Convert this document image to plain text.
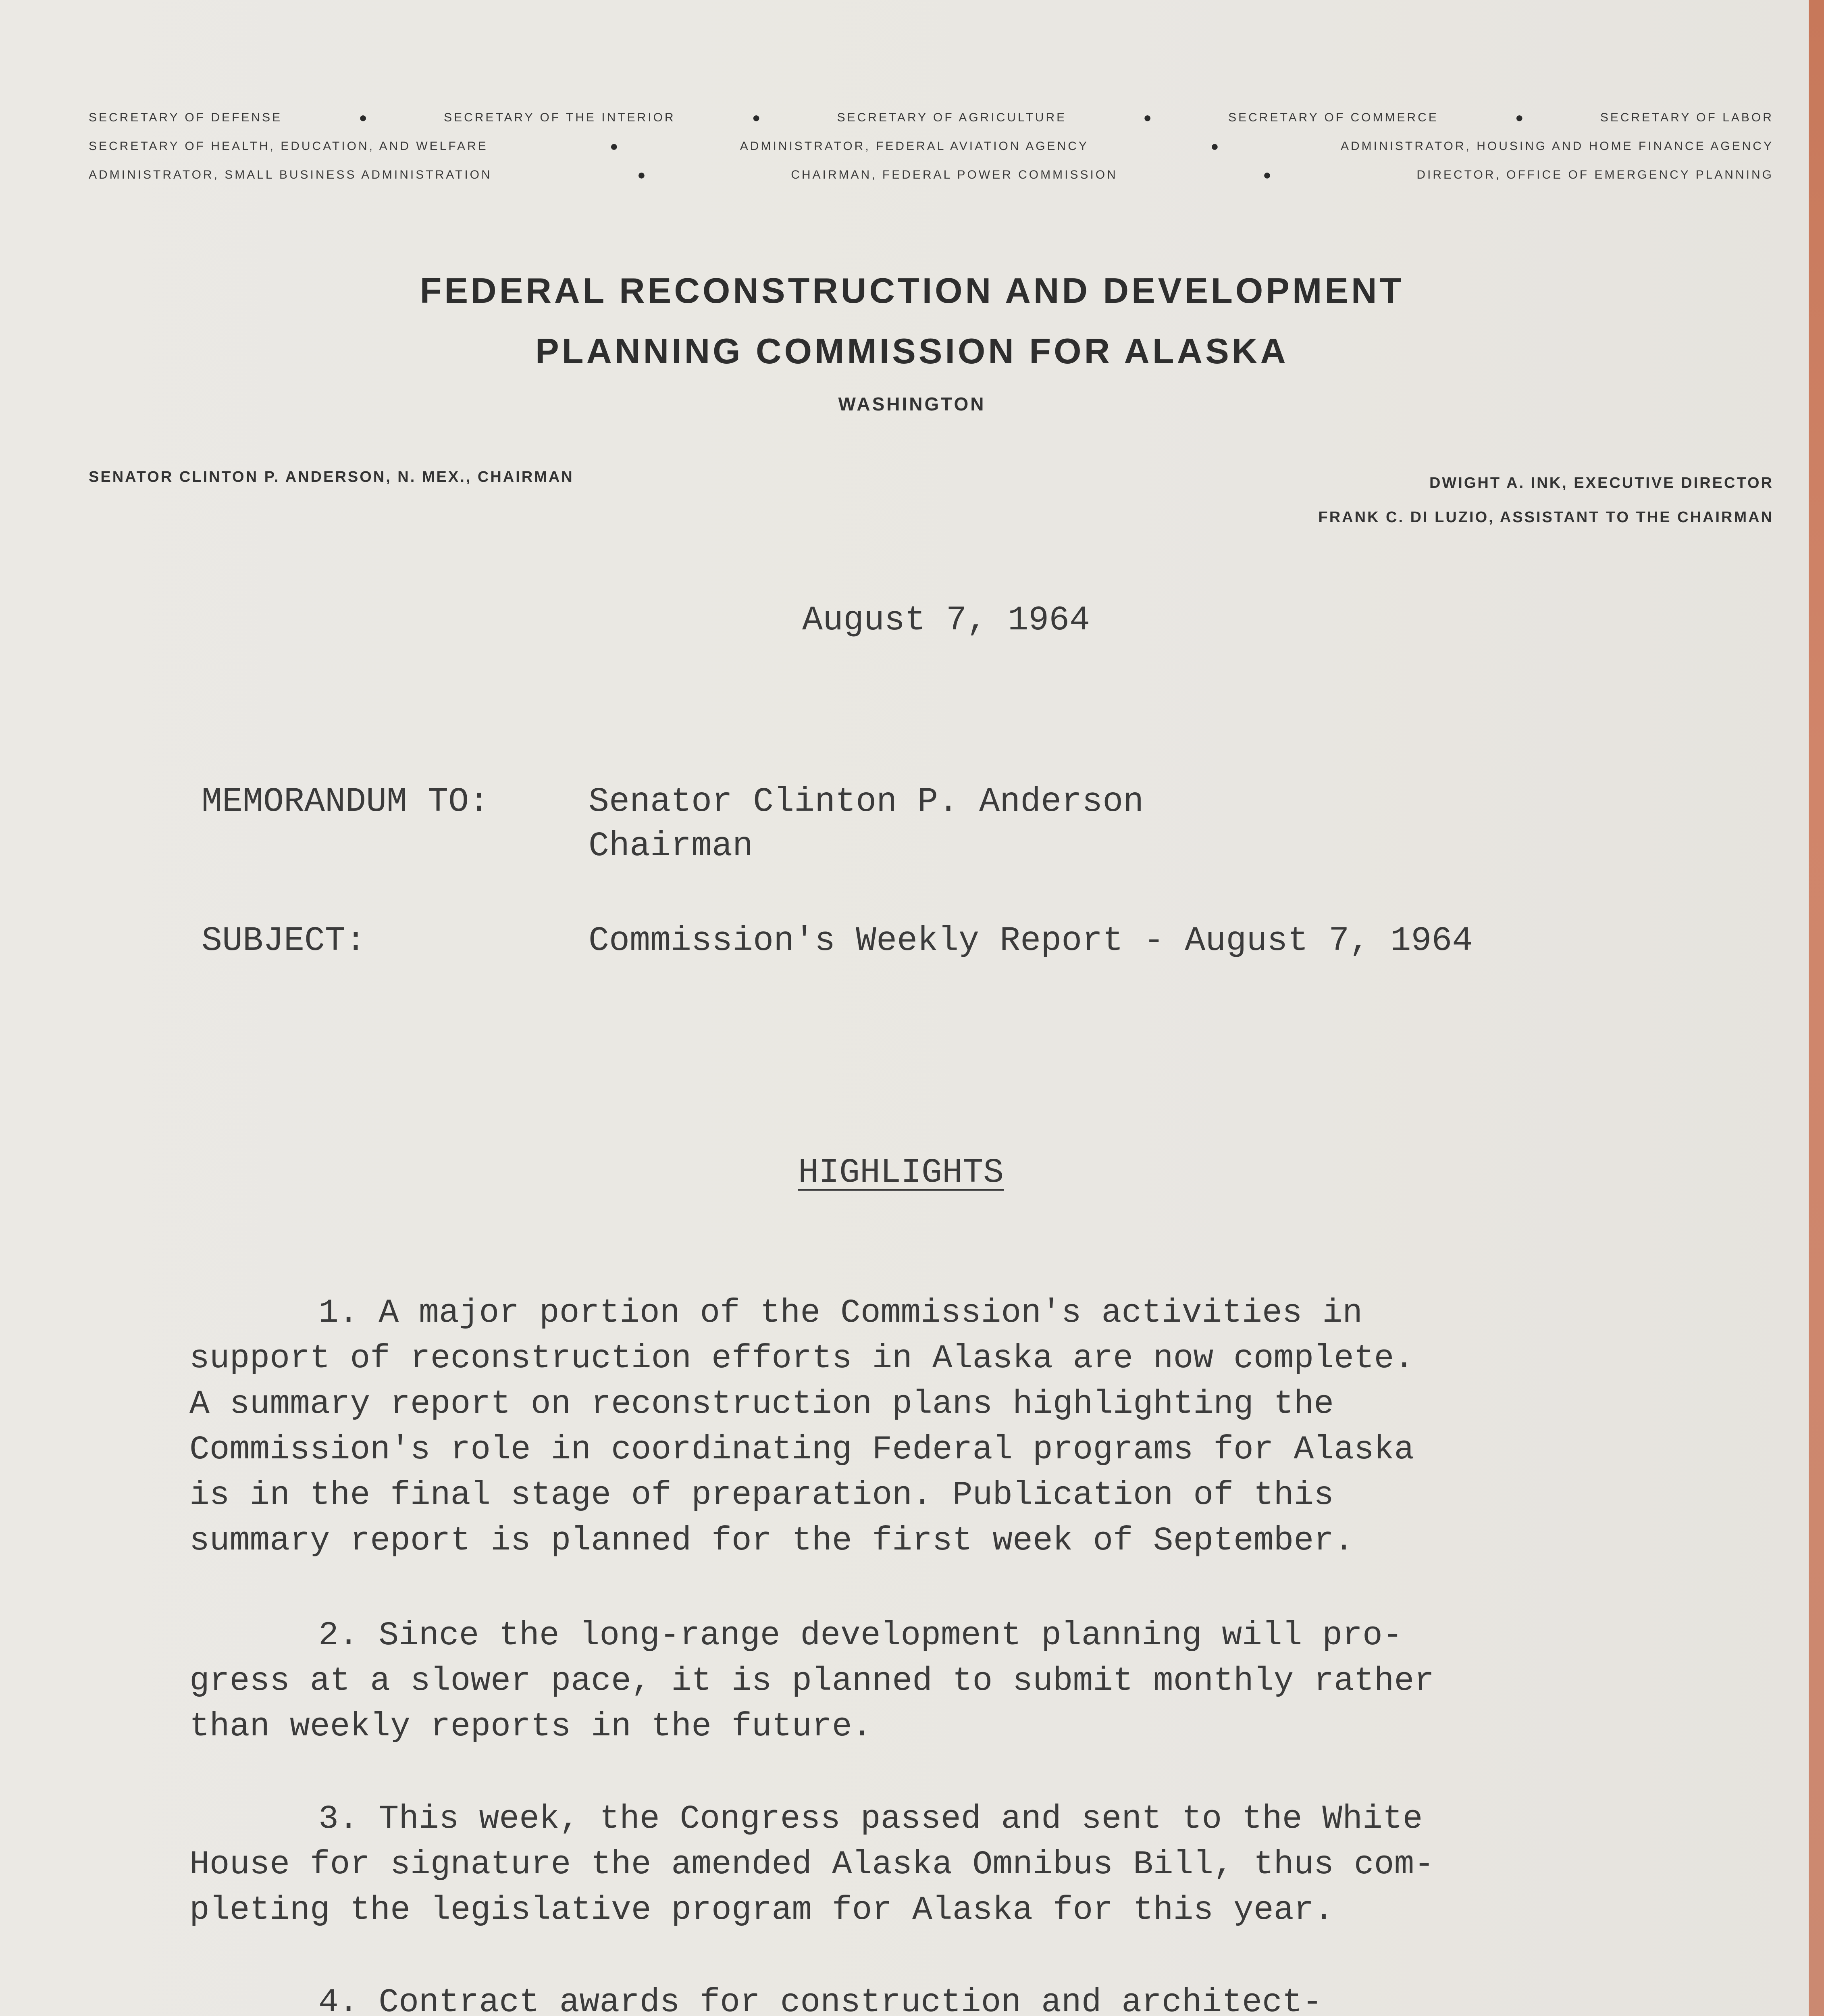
SECRETARY OF DEFENSE	●	SECRETARY OF THE INTERIOR	●	SECRETARY OF AGRICULTURE	●	SECRETARY OF COMMERCE	●	SECRETARY OF LABOR
SECRETARY OF HEALTH, EDUCATION, AND WELFARE	●	ADMINISTRATOR, FEDERAL AVIATION AGENCY	●	ADMINISTRATOR, HOUSING AND HOME FINANCE AGENCY
ADMINISTRATOR, SMALL BUSINESS ADMINISTRATION	●	CHAIRMAN, FEDERAL POWER COMMISSION	●	DIRECTOR, OFFICE OF EMERGENCY PLANNING
FEDERAL RECONSTRUCTION AND DEVELOPMENT
PLANNING COMMISSION FOR ALASKA
WASHINGTON
SENATOR CLINTON P. ANDERSON, N. MEX., CHAIRMAN	DWIGHT A. INK, EXECUTIVE DIRECTOR
FRANK C. DI LUZIO, ASSISTANT TO THE CHAIRMAN
August 7, 1964
MEMORANDUM TO:	Senator Clinton P. Anderson
Chairman
SUBJECT:	Commission's Weekly Report - August 7, 1964
HIGHLIGHTS
1. A major portion of the Commission's activities in
support of reconstruction efforts in Alaska are now complete.
A summary report on reconstruction plans highlighting the
Commission's role in coordinating Federal programs for Alaska
is in the final stage of preparation. Publication of this
summary report is planned for the first week of September.
2. Since the long-range development planning will pro-
gress at a slower pace, it is planned to submit monthly rather
than weekly reports in the future.
3. This week, the Congress passed and sent to the White
House for signature the amended Alaska Omnibus Bill, thus com-
pleting the legislative program for Alaska for this year.
4. Contract awards for construction and architect-
